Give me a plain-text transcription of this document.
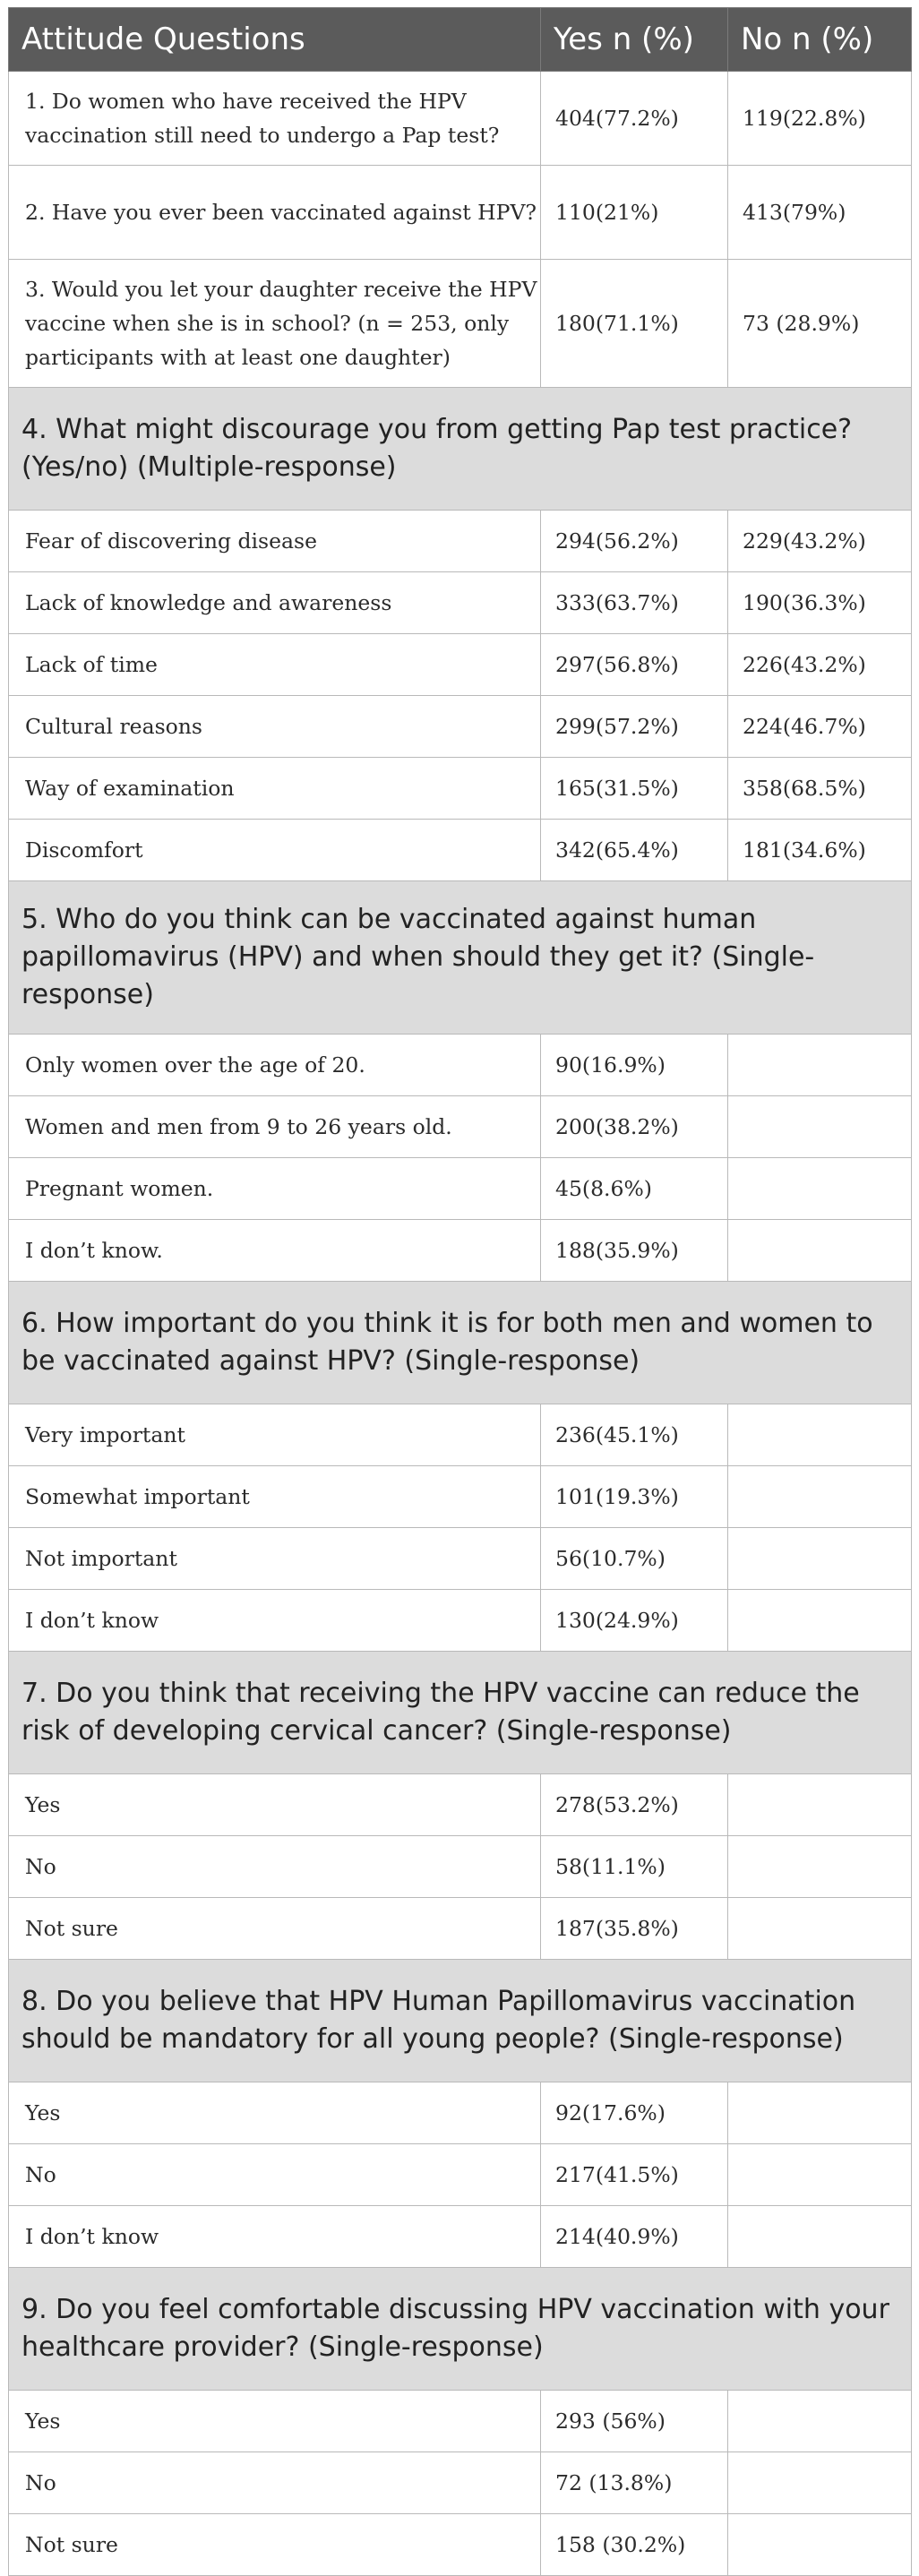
Attitude Questions	Yes n (%)	No n (%)
1. Do women who have received the HPV vaccination still need to undergo a Pap test?	404(77.2%)	119(22.8%)
2. Have you ever been vaccinated against HPV?	110(21%)	413(79%)
3. Would you let your daughter receive the HPV vaccine when she is in school? (n = 253, only participants with at least one daughter)	180(71.1%)	73 (28.9%)
4. What might discourage you from getting Pap test practice? (Yes/no) (Multiple-response)		
Fear of discovering disease	294(56.2%)	229(43.2%)
Lack of knowledge and awareness	333(63.7%)	190(36.3%)
Lack of time	297(56.8%)	226(43.2%)
Cultural reasons	299(57.2%)	224(46.7%)
Way of examination	165(31.5%)	358(68.5%)
Discomfort	342(65.4%)	181(34.6%)
5. Who do you think can be vaccinated against human papillomavirus (HPV) and when should they get it? (Single-response)		
Only women over the age of 20.	90(16.9%)	
Women and men from 9 to 26 years old.	200(38.2%)	
Pregnant women.	45(8.6%)	
I don’t know.	188(35.9%)	
6. How important do you think it is for both men and women to be vaccinated against HPV? (Single-response)		
Very important	236(45.1%)	
Somewhat important	101(19.3%)	
Not important	56(10.7%)	
I don’t know	130(24.9%)	
7. Do you think that receiving the HPV vaccine can reduce the risk of developing cervical cancer? (Single-response)		
Yes	278(53.2%)	
No	58(11.1%)	
Not sure	187(35.8%)	
8. Do you believe that HPV Human Papillomavirus vaccination should be mandatory for all young people? (Single-response)		
Yes	92(17.6%)	
No	217(41.5%)	
I don’t know	214(40.9%)	
9. Do you feel comfortable discussing HPV vaccination with your healthcare provider? (Single-response)		
Yes	293 (56%)	
No	72 (13.8%)	
Not sure	158 (30.2%)	
